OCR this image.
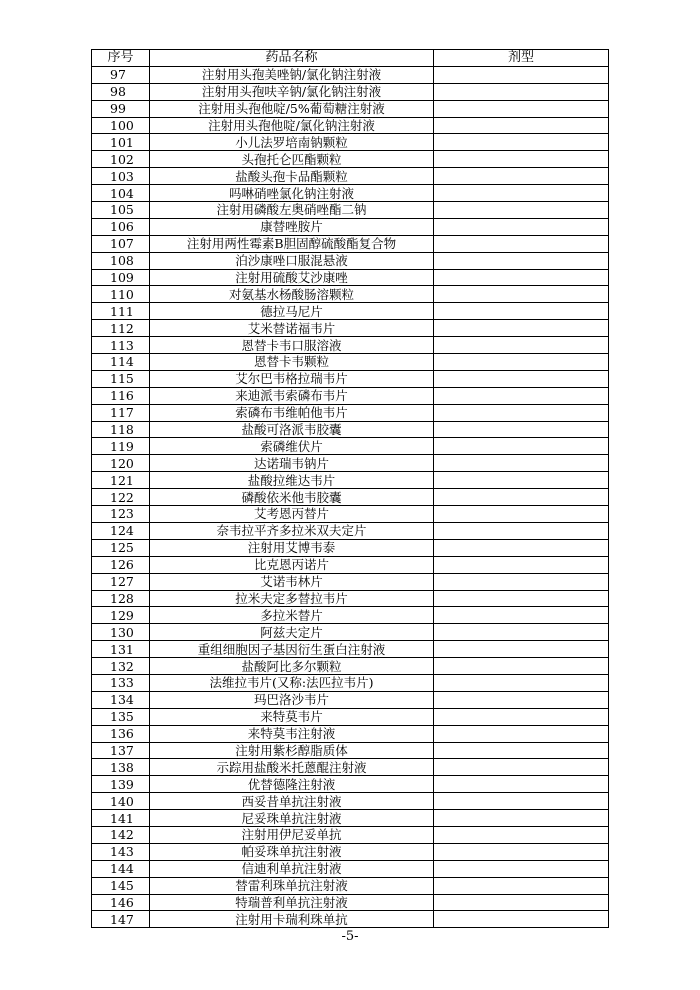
序号	药品名称	剂型
97	注射用头孢美唑钠/氯化钠注射液	
98	注射用头孢呋辛钠/氯化钠注射液	
99	注射用头孢他啶/5%葡萄糖注射液	
100	注射用头孢他啶/氯化钠注射液	
101	小儿法罗培南钠颗粒	
102	头孢托仑匹酯颗粒	
103	盐酸头孢卡品酯颗粒	
104	吗啉硝唑氯化钠注射液	
105	注射用磷酸左奥硝唑酯二钠	
106	康替唑胺片	
107	注射用两性霉素B胆固醇硫酸酯复合物	
108	泊沙康唑口服混悬液	
109	注射用硫酸艾沙康唑	
110	对氨基水杨酸肠溶颗粒	
111	德拉马尼片	
112	艾米替诺福韦片	
113	恩替卡韦口服溶液	
114	恩替卡韦颗粒	
115	艾尔巴韦格拉瑞韦片	
116	来迪派韦索磷布韦片	
117	索磷布韦维帕他韦片	
118	盐酸可洛派韦胶囊	
119	索磷维伏片	
120	达诺瑞韦钠片	
121	盐酸拉维达韦片	
122	磷酸依米他韦胶囊	
123	艾考恩丙替片	
124	奈韦拉平齐多拉米双夫定片	
125	注射用艾博韦泰	
126	比克恩丙诺片	
127	艾诺韦林片	
128	拉米夫定多替拉韦片	
129	多拉米替片	
130	阿兹夫定片	
131	重组细胞因子基因衍生蛋白注射液	
132	盐酸阿比多尔颗粒	
133	法维拉韦片(又称:法匹拉韦片)	
134	玛巴洛沙韦片	
135	来特莫韦片	
136	来特莫韦注射液	
137	注射用紫杉醇脂质体	
138	示踪用盐酸米托蒽醌注射液	
139	优替德隆注射液	
140	西妥昔单抗注射液	
141	尼妥珠单抗注射液	
142	注射用伊尼妥单抗	
143	帕妥珠单抗注射液	
144	信迪利单抗注射液	
145	替雷利珠单抗注射液	
146	特瑞普利单抗注射液	
147	注射用卡瑞利珠单抗	
-5-
